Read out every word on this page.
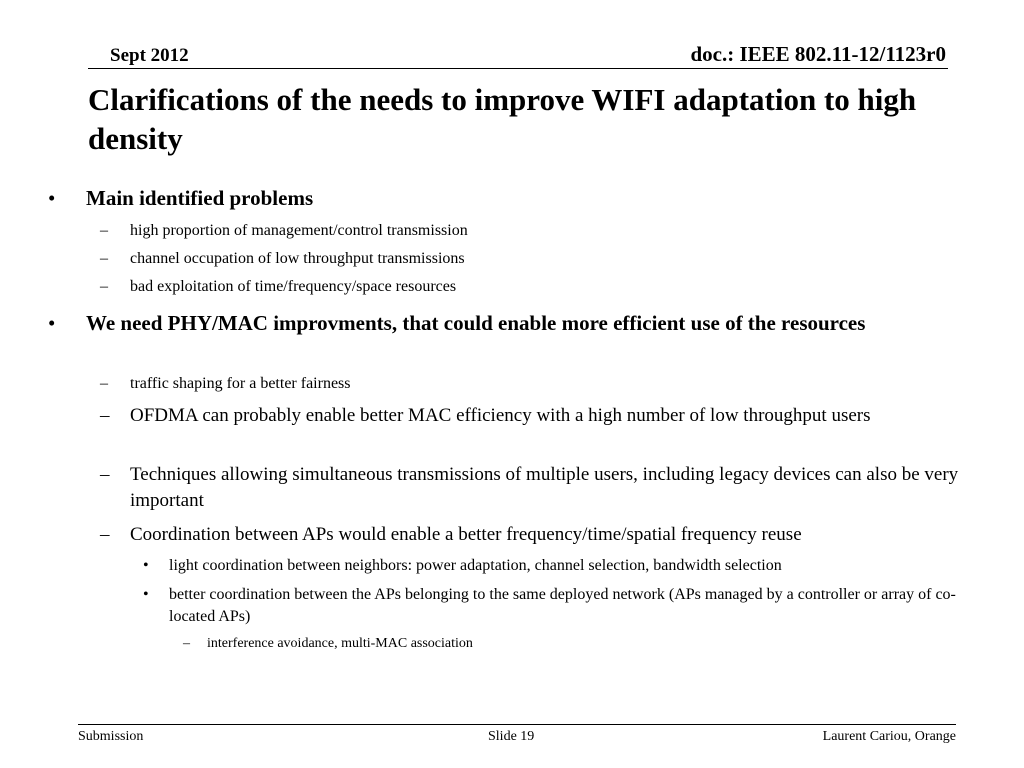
Sept 2012	doc.: IEEE 802.11-12/1123r0
Clarifications of the needs to improve WIFI adaptation to high density
• Main identified problems
– high proportion of management/control transmission
– channel occupation of low throughput transmissions
– bad exploitation of time/frequency/space resources
• We need PHY/MAC improvments, that could enable more efficient use of the resources
– traffic shaping for a better fairness
– OFDMA can probably enable better MAC efficiency with a high number of low throughput users
– Techniques allowing simultaneous transmissions of multiple users, including legacy devices can also be very important
– Coordination between APs would enable a better frequency/time/spatial frequency reuse
• light coordination between neighbors: power adaptation, channel selection, bandwidth selection
• better coordination between the APs belonging to the same deployed network (APs managed by a controller or array of co-located APs)
– interference avoidance, multi-MAC association
Submission	Slide 19	Laurent Cariou, Orange
